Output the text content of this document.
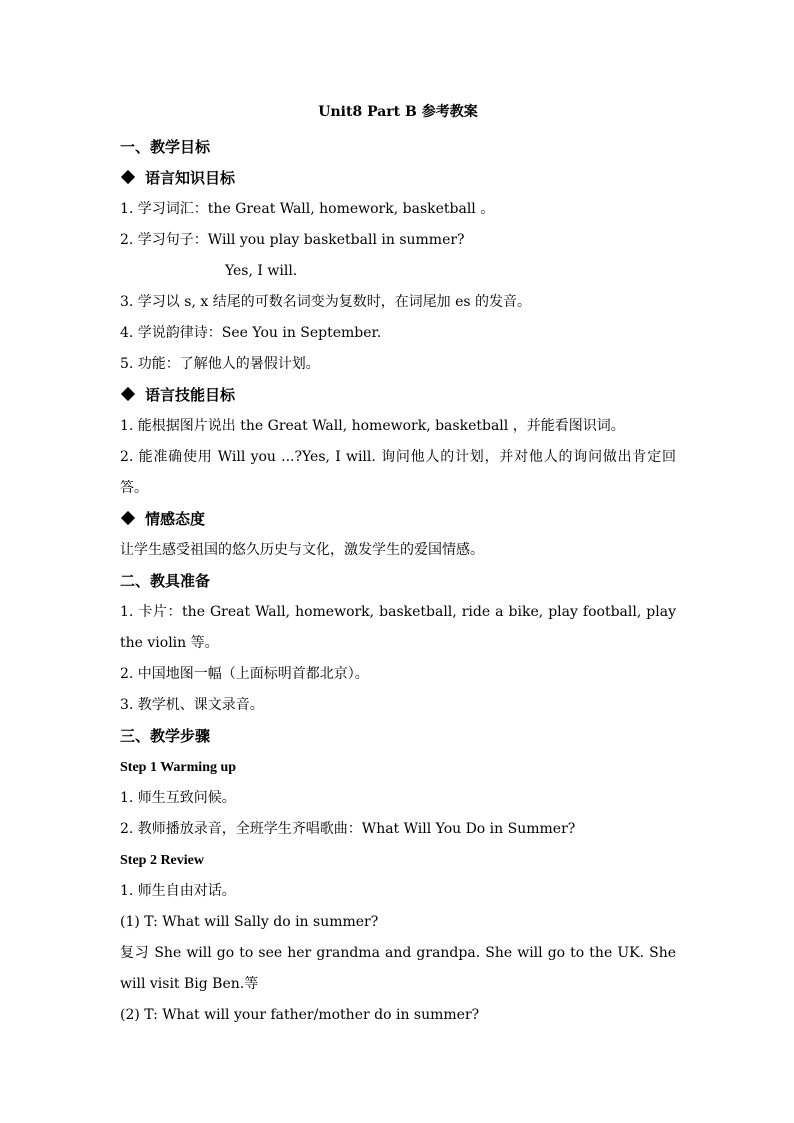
Unit8 Part B 参考教案
一、教学目标
语言知识目标
1. 学习词汇：the Great Wall, homework, basketball 。
2. 学习句子：Will you play basketball in summer?
Yes, I will.
3. 学习以 s, x 结尾的可数名词变为复数时，在词尾加 es 的发音。
4. 学说韵律诗：See You in September.
5. 功能：了解他人的暑假计划。
语言技能目标
1. 能根据图片说出 the Great Wall, homework, basketball ，并能看图识词。
2. 能准确使用 Will you ...?Yes, I will. 询问他人的计划，并对他人的询问做出肯定回答。
情感态度
让学生感受祖国的悠久历史与文化，激发学生的爱国情感。
二、教具准备
1. 卡片：the Great Wall, homework, basketball, ride a bike, play football, play the violin 等。
2. 中国地图一幅（上面标明首都北京）。
3. 教学机、课文录音。
三、教学步骤
Step 1 Warming up
1. 师生互致问候。
2. 教师播放录音，全班学生齐唱歌曲：What Will You Do in Summer?
Step 2 Review
1. 师生自由对话。
(1) T: What will Sally do in summer?
复习 She will go to see her grandma and grandpa. She will go to the UK. She will visit Big Ben.等
(2) T: What will your father/mother do in summer?
